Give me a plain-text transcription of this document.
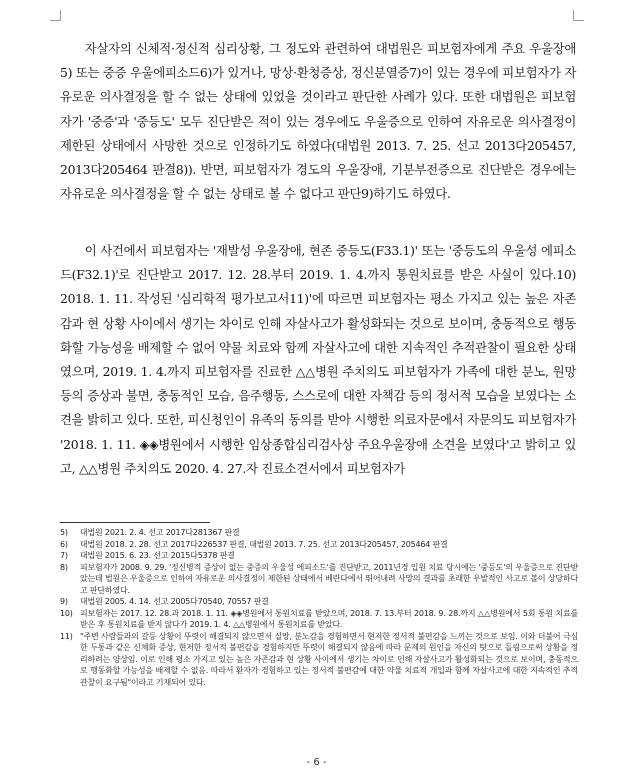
자살자의 신체적·정신적 심리상황, 그 정도와 관련하여 대법원은 피보험자에게 주요 우울장애5) 또는 중증 우울에피소드6)가 있거나, 망상·환청증상, 정신분열증7)이 있는 경우에 피보험자가 자유로운 의사결정을 할 수 없는 상태에 있었을 것이라고 판단한 사례가 있다. 또한 대법원은 피보험자가 '중증'과 '중등도' 모두 진단받은 적이 있는 경우에도 우울증으로 인하여 자유로운 의사결정이 제한된 상태에서 사망한 것으로 인정하기도 하였다(대법원 2013. 7. 25. 선고 2013다205457, 2013다205464 판결8)). 반면, 피보험자가 경도의 우울장애, 기분부전증으로 진단받은 경우에는 자유로운 의사결정을 할 수 없는 상태로 볼 수 없다고 판단9)하기도 하였다.

이 사건에서 피보험자는 '재발성 우울장애, 현존 중등도(F33.1)' 또는 '중등도의 우울성 에피소드(F32.1)'로 진단받고 2017. 12. 28.부터 2019. 1. 4.까지 통원치료를 받은 사실이 있다.10) 2018. 1. 11. 작성된 '심리학적 평가보고서11)'에 따르면 피보험자는 평소 가지고 있는 높은 자존감과 현 상황 사이에서 생기는 차이로 인해 자살사고가 활성화되는 것으로 보이며, 충동적으로 행동화할 가능성을 배제할 수 없어 약물 치료와 함께 자살사고에 대한 지속적인 추적관찰이 필요한 상태였으며, 2019. 1. 4.까지 피보험자를 진료한 △△병원 주치의도 피보험자가 가족에 대한 분노, 원망 등의 증상과 불면, 충동적인 모습, 음주행동, 스스로에 대한 자책감 등의 정서적 모습을 보였다는 소견을 밝히고 있다. 또한, 피신청인이 유족의 동의를 받아 시행한 의료자문에서 자문의도 피보험자가 '2018. 1. 11. ◈◈병원에서 시행한 임상종합심리검사상 주요우울장애 소견을 보였다'고 밝히고 있고, △△병원 주치의도 2020. 4. 27.자 진료소견서에서 피보험자가

5)	대법원 2021. 2. 4. 선고 2017다281367 판결
6)	대법원 2018. 2. 28. 선고 2017다226537 판결, 대법원 2013. 7. 25. 선고 2013다205457, 205464 판결
7)	대법원 2015. 6. 23. 선고 2015다5378 판결
8)	피보험자가 2008. 9. 29. '정신병적 증상이 없는 중증의 우울성 에피소드'를 진단받고, 2011년경 입원 치료 당시에는 '중등도'의 우울증으로 진단받았는데 법원은 우울증으로 인하여 자유로운 의사결정이 제한된 상태에서 베란다에서 뛰어내려 사망의 결과를 초래한 우발적인 사고로 볼이 상당하다고 판단하였다.
9)	대법원 2005. 4. 14. 선고 2005다70540, 70557 판결
10) 피보험자는 2017. 12. 28.과 2018. 1. 11. ◈◈병원에서 통원치료를 받았으며, 2018. 7. 13.부터 2018. 9. 28.까지 △△병원에서 5회 통원 치료를 받은 후 통원치료를 받지 않다가 2019. 1. 4. △△병원에서 통원치료를 받았다.
11) "주변 사람들과의 갈등 상황이 뚜렷이 해결되지 않으면서 실망, 분노감을 경험하면서 현저한 정서적 불편감을 느끼는 것으로 보임. 이와 더불어 극심한 두통과 같은 신체화 증상, 현저한 정서적 불편감을 경험하지만 뚜렷이 해결되지 않음에 따라 문제의 원인을 자신의 탓으로 돌림으로써 상황을 정리하려는 양상임. 이로 인해 평소 가지고 있는 높은 자존감과 현 상황 사이에서 생기는 차이로 인해 자살사고가 활성화되는 것으로 보이며, 충동적으로 행동화할 가능성을 배제할 수 없음. 따라서 환자가 경험하고 있는 정서적 불편감에 대한 약물 치료적 개입과 함께 자살사고에 대한 지속적인 추적관찰이 요구됨"이라고 기재되어 있다.
- 6 -
